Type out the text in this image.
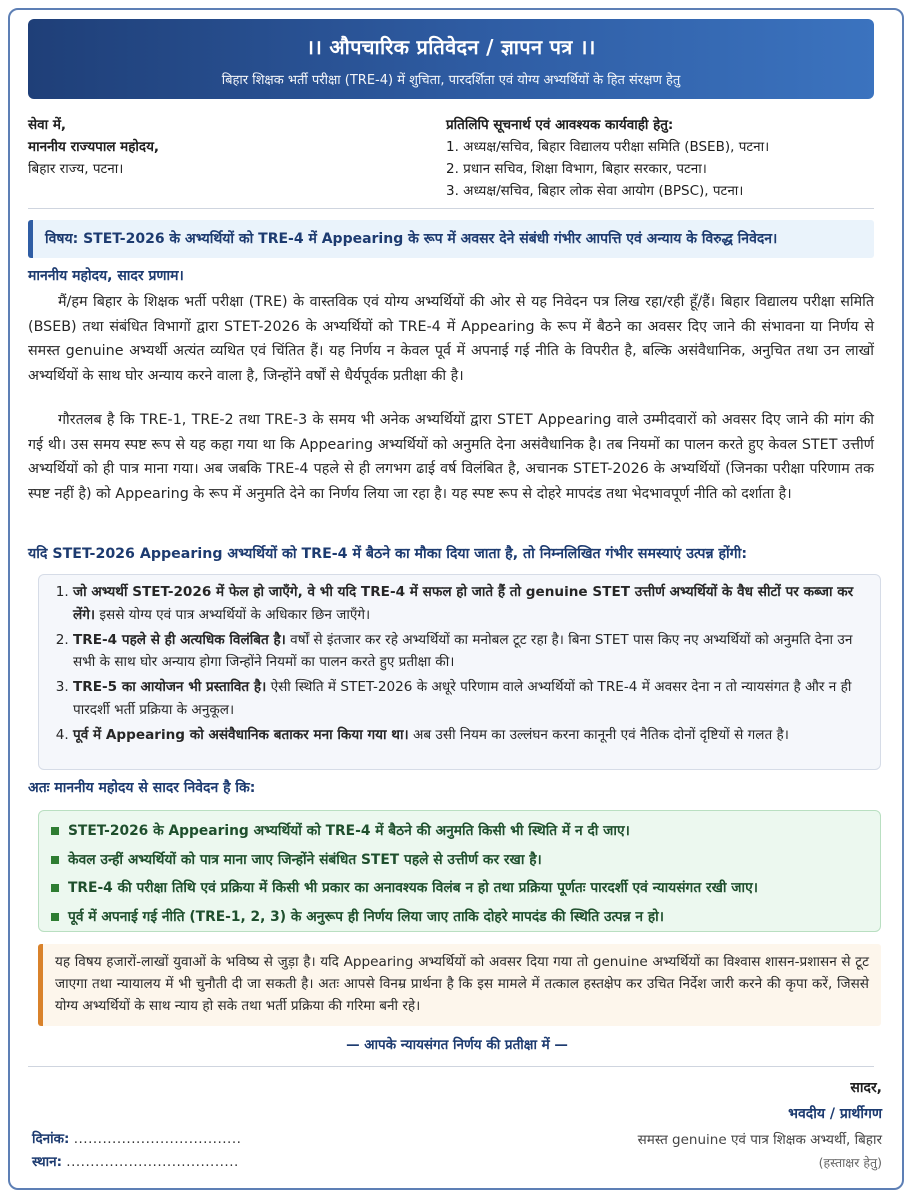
।। औपचारिक प्रतिवेदन / ज्ञापन पत्र ।।
बिहार शिक्षक भर्ती परीक्षा (TRE-4) में शुचिता, पारदर्शिता एवं योग्य अभ्यर्थियों के हित संरक्षण हेतु
सेवा में,
माननीय राज्यपाल महोदय,
बिहार राज्य, पटना।
प्रतिलिपि सूचनार्थ एवं आवश्यक कार्यवाही हेतु:
1. अध्यक्ष/सचिव, बिहार विद्यालय परीक्षा समिति (BSEB), पटना।
2. प्रधान सचिव, शिक्षा विभाग, बिहार सरकार, पटना।
3. अध्यक्ष/सचिव, बिहार लोक सेवा आयोग (BPSC), पटना।
विषय: STET-2026 के अभ्यर्थियों को TRE-4 में Appearing के रूप में अवसर देने संबंधी गंभीर आपत्ति एवं अन्याय के विरुद्ध निवेदन।
माननीय महोदय, सादर प्रणाम।

मैं/हम बिहार के शिक्षक भर्ती परीक्षा (TRE) के वास्तविक एवं योग्य अभ्यर्थियों की ओर से यह निवेदन पत्र लिख रहा/रही हूँ/हैं। बिहार विद्यालय परीक्षा समिति (BSEB) तथा संबंधित विभागों द्वारा STET-2026 के अभ्यर्थियों को TRE-4 में Appearing के रूप में बैठने का अवसर दिए जाने की संभावना या निर्णय से समस्त genuine अभ्यर्थी अत्यंत व्यथित एवं चिंतित हैं। यह निर्णय न केवल पूर्व में अपनाई गई नीति के विपरीत है, बल्कि असंवैधानिक, अनुचित तथा उन लाखों अभ्यर्थियों के साथ घोर अन्याय करने वाला है, जिन्होंने वर्षों से धैर्यपूर्वक प्रतीक्षा की है।

गौरतलब है कि TRE-1, TRE-2 तथा TRE-3 के समय भी अनेक अभ्यर्थियों द्वारा STET Appearing वाले उम्मीदवारों को अवसर दिए जाने की मांग की गई थी। उस समय स्पष्ट रूप से यह कहा गया था कि Appearing अभ्यर्थियों को अनुमति देना असंवैधानिक है। तब नियमों का पालन करते हुए केवल STET उत्तीर्ण अभ्यर्थियों को ही पात्र माना गया। अब जबकि TRE-4 पहले से ही लगभग ढाई वर्ष विलंबित है, अचानक STET-2026 के अभ्यर्थियों (जिनका परीक्षा परिणाम तक स्पष्ट नहीं है) को Appearing के रूप में अनुमति देने का निर्णय लिया जा रहा है। यह स्पष्ट रूप से दोहरे मापदंड तथा भेदभावपूर्ण नीति को दर्शाता है।

यदि STET-2026 Appearing अभ्यर्थियों को TRE-4 में बैठने का मौका दिया जाता है, तो निम्नलिखित गंभीर समस्याएं उत्पन्न होंगी:
1. जो अभ्यर्थी STET-2026 में फेल हो जाएँगे, वे भी यदि TRE-4 में सफल हो जाते हैं तो genuine STET उत्तीर्ण अभ्यर्थियों के वैध सीटों पर कब्जा कर लेंगे। इससे योग्य एवं पात्र अभ्यर्थियों के अधिकार छिन जाएँगे।
2. TRE-4 पहले से ही अत्यधिक विलंबित है। वर्षों से इंतजार कर रहे अभ्यर्थियों का मनोबल टूट रहा है। बिना STET पास किए नए अभ्यर्थियों को अनुमति देना उन सभी के साथ घोर अन्याय होगा जिन्होंने नियमों का पालन करते हुए प्रतीक्षा की।
3. TRE-5 का आयोजन भी प्रस्तावित है। ऐसी स्थिति में STET-2026 के अधूरे परिणाम वाले अभ्यर्थियों को TRE-4 में अवसर देना न तो न्यायसंगत है और न ही पारदर्शी भर्ती प्रक्रिया के अनुकूल।
4. पूर्व में Appearing को असंवैधानिक बताकर मना किया गया था। अब उसी नियम का उल्लंघन करना कानूनी एवं नैतिक दोनों दृष्टियों से गलत है।
अतः माननीय महोदय से सादर निवेदन है कि:
STET-2026 के Appearing अभ्यर्थियों को TRE-4 में बैठने की अनुमति किसी भी स्थिति में न दी जाए।
केवल उन्हीं अभ्यर्थियों को पात्र माना जाए जिन्होंने संबंधित STET पहले से उत्तीर्ण कर रखा है।
TRE-4 की परीक्षा तिथि एवं प्रक्रिया में किसी भी प्रकार का अनावश्यक विलंब न हो तथा प्रक्रिया पूर्णतः पारदर्शी एवं न्यायसंगत रखी जाए।
पूर्व में अपनाई गई नीति (TRE-1, 2, 3) के अनुरूप ही निर्णय लिया जाए ताकि दोहरे मापदंड की स्थिति उत्पन्न न हो।
यह विषय हजारों-लाखों युवाओं के भविष्य से जुड़ा है। यदि Appearing अभ्यर्थियों को अवसर दिया गया तो genuine अभ्यर्थियों का विश्वास शासन-प्रशासन से टूट जाएगा तथा न्यायालय में भी चुनौती दी जा सकती है। अतः आपसे विनम्र प्रार्थना है कि इस मामले में तत्काल हस्तक्षेप कर उचित निर्देश जारी करने की कृपा करें, जिससे योग्य अभ्यर्थियों के साथ न्याय हो सके तथा भर्ती प्रक्रिया की गरिमा बनी रहे।
— आपके न्यायसंगत निर्णय की प्रतीक्षा में —
सादर,
भवदीय / प्रार्थीगण
समस्त genuine एवं पात्र शिक्षक अभ्यर्थी, बिहार
(हस्ताक्षर हेतु)
दिनांक: ...................................
स्थान: ....................................
